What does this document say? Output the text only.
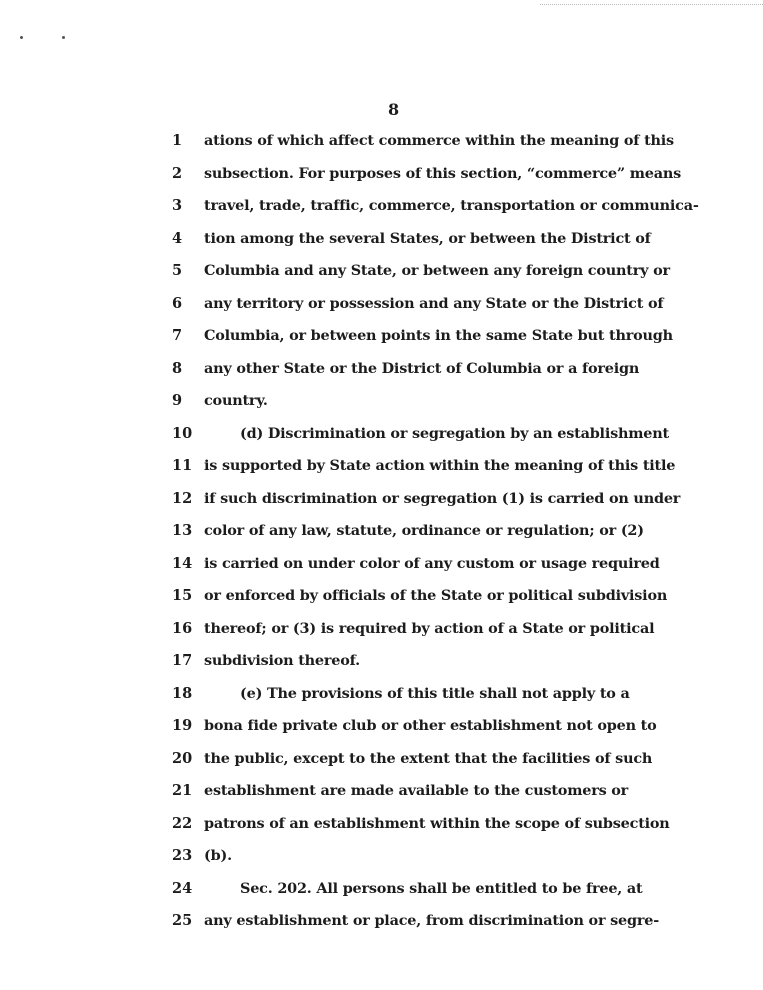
8
1	ations of which affect commerce within the meaning of this
2	subsection. For purposes of this section, “commerce” means
3	travel, trade, traffic, commerce, transportation or communica-
4	tion among the several States, or between the District of
5	Columbia and any State, or between any foreign country or
6	any territory or possession and any State or the District of
7	Columbia, or between points in the same State but through
8	any other State or the District of Columbia or a foreign
9	country.
10	(d) Discrimination or segregation by an establishment
11 is supported by State action within the meaning of this title
12 if such discrimination or segregation (1) is carried on under
13 color of any law, statute, ordinance or regulation; or (2)
14 is carried on under color of any custom or usage required
15 or enforced by officials of the State or political subdivision
16 thereof; or (3) is required by action of a State or political
17 subdivision thereof.
18	(e) The provisions of this title shall not apply to a
19 bona fide private club or other establishment not open to
20 the public, except to the extent that the facilities of such
21 establishment are made available to the customers or
22 patrons of an establishment within the scope of subsection
23 (b).
24	Sec. 202. All persons shall be entitled to be free, at
25 any establishment or place, from discrimination or segre-
